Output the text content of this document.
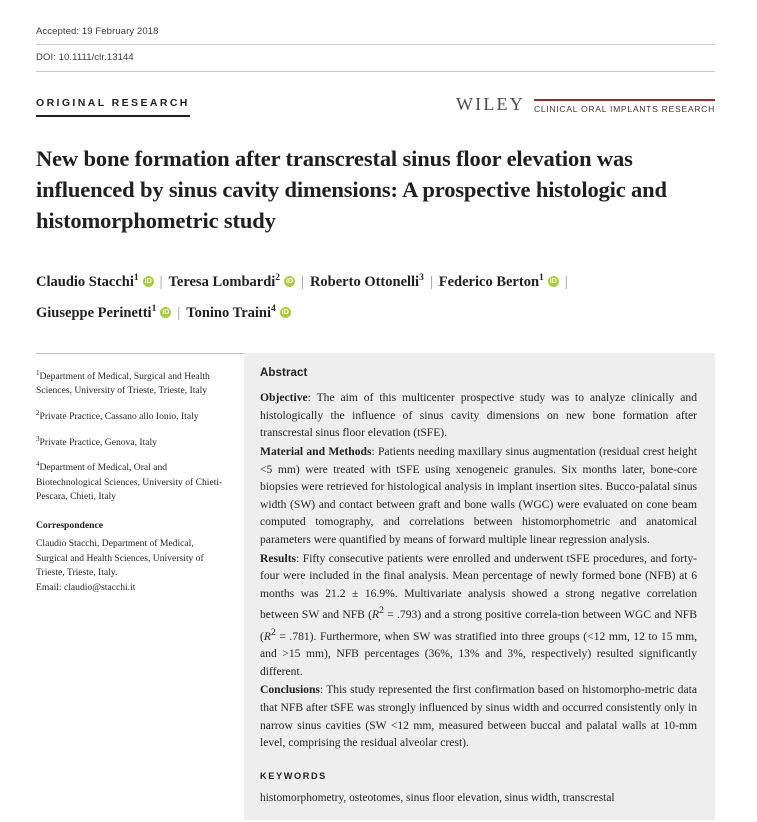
Accepted: 19 February 2018
DOI: 10.1111/clr.13144
ORIGINAL RESEARCH	WILEY CLINICAL ORAL IMPLANTS RESEARCH
New bone formation after transcrestal sinus floor elevation was influenced by sinus cavity dimensions: A prospective histologic and histomorphometric study
Claudio Stacchi$^1$ iD | Teresa Lombardi$^2$ iD | Roberto Ottonelli$^3$ | Federico Berton$^1$ iD |
Giuseppe Perinetti$^1$ iD | Tonino Traini$^4$iD
$^1$Department of Medical, Surgical and Health Sciences, University of Trieste, Trieste, Italy
$^2$Private Practice, Cassano allo Ionio, Italy
$^3$Private Practice, Genova, Italy
$^4$Department of Medical, Oral and Biotechnological Sciences, University of Chieti-Pescara, Chieti, Italy
Correspondence
Claudio Stacchi, Department of Medical,
Surgical and Health Sciences, University of
Trieste, Trieste, Italy.
Email: claudio@stacchi.it
Abstract

Objective: The aim of this multicenter prospective study was to analyze clinically and histologically the influence of sinus cavity dimensions on new bone formation after transcrestal sinus floor elevation (tSFE).

Material and Methods: Patients needing maxillary sinus augmentation (residual crest height <5 mm) were treated with tSFE using xenogeneic granules. Six months later, bone-core biopsies were retrieved for histological analysis in implant insertion sites. Bucco-palatal sinus width (SW) and contact between graft and bone walls (WGC) were evaluated on cone beam computed tomography, and correlations between histomorphometric and anatomical parameters were quantified by means of forward multiple linear regression analysis.

Results: Fifty consecutive patients were enrolled and underwent tSFE procedures, and forty-four were included in the final analysis. Mean percentage of newly formed bone (NFB) at 6 months was 21.2 ± 16.9%. Multivariate analysis showed a strong negative correlation between SW and NFB $(R^2 = .793)$ and a strong positive correla-tion between WGC and NFB $(R^2 = .781)$. Furthermore, when SW was stratified into three groups (<12 mm, 12 to 15 mm, and >15 mm), NFB percentages (36%, 13% and 3%, respectively) resulted significantly different.

Conclusions: This study represented the first confirmation based on histomorpho-metric data that NFB after tSFE was strongly influenced by sinus width and occurred consistently only in narrow sinus cavities (SW <12 mm, measured between buccal and palatal walls at 10-mm level, comprising the residual alveolar crest).

KEYWORDS
histomorphometry, osteotomes, sinus floor elevation, sinus width, transcrestal
